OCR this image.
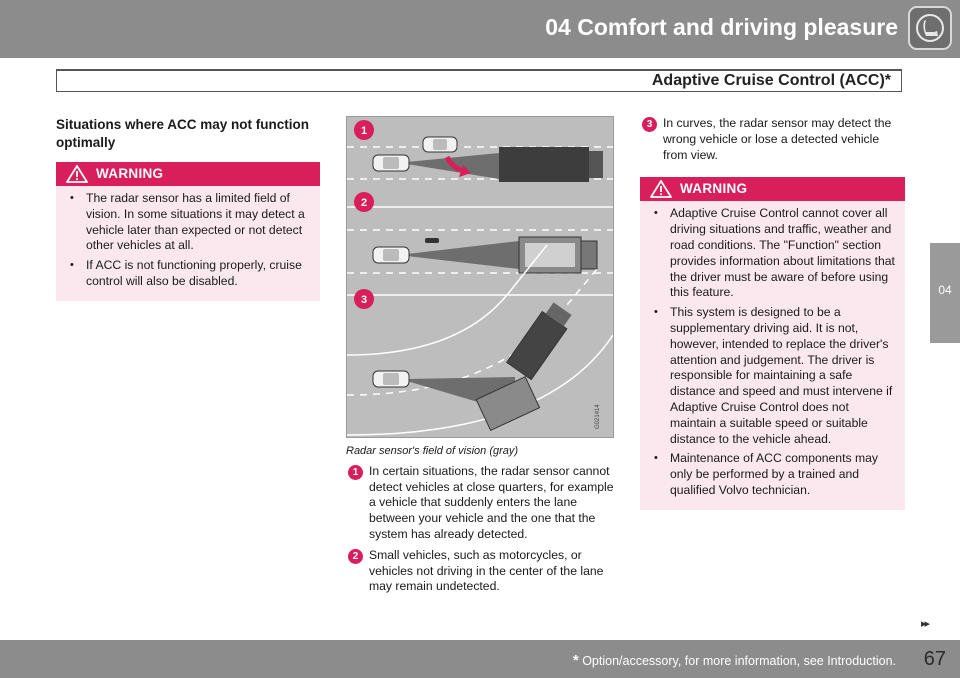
04 Comfort and driving pleasure
Adaptive Cruise Control (ACC)*
04
Situations where ACC may not function optimally
WARNING
• The radar sensor has a limited field of vision. In some situations it may detect a vehicle later than expected or not detect other vehicles at all.
• If ACC is not functioning properly, cruise control will also be disabled.
G021414
1
2
3
Radar sensor's field of vision (gray)
1 In certain situations, the radar sensor cannot detect vehicles at close quarters, for example a vehicle that suddenly enters the lane between your vehicle and the one that the system has already detected.
2 Small vehicles, such as motorcycles, or vehicles not driving in the center of the lane may remain undetected.
3 In curves, the radar sensor may detect the wrong vehicle or lose a detected vehicle from view.
WARNING
• Adaptive Cruise Control cannot cover all driving situations and traffic, weather and road conditions. The "Function" section provides information about limitations that the driver must be aware of before using this feature.
• This system is designed to be a supplementary driving aid. It is not, however, intended to replace the driver's attention and judgement. The driver is responsible for maintaining a safe distance and speed and must intervene if Adaptive Cruise Control does not maintain a suitable speed or suitable distance to the vehicle ahead.
• Maintenance of ACC components may only be performed by a trained and qualified Volvo technician.
▸▸
* Option/accessory, for more information, see Introduction. 67
